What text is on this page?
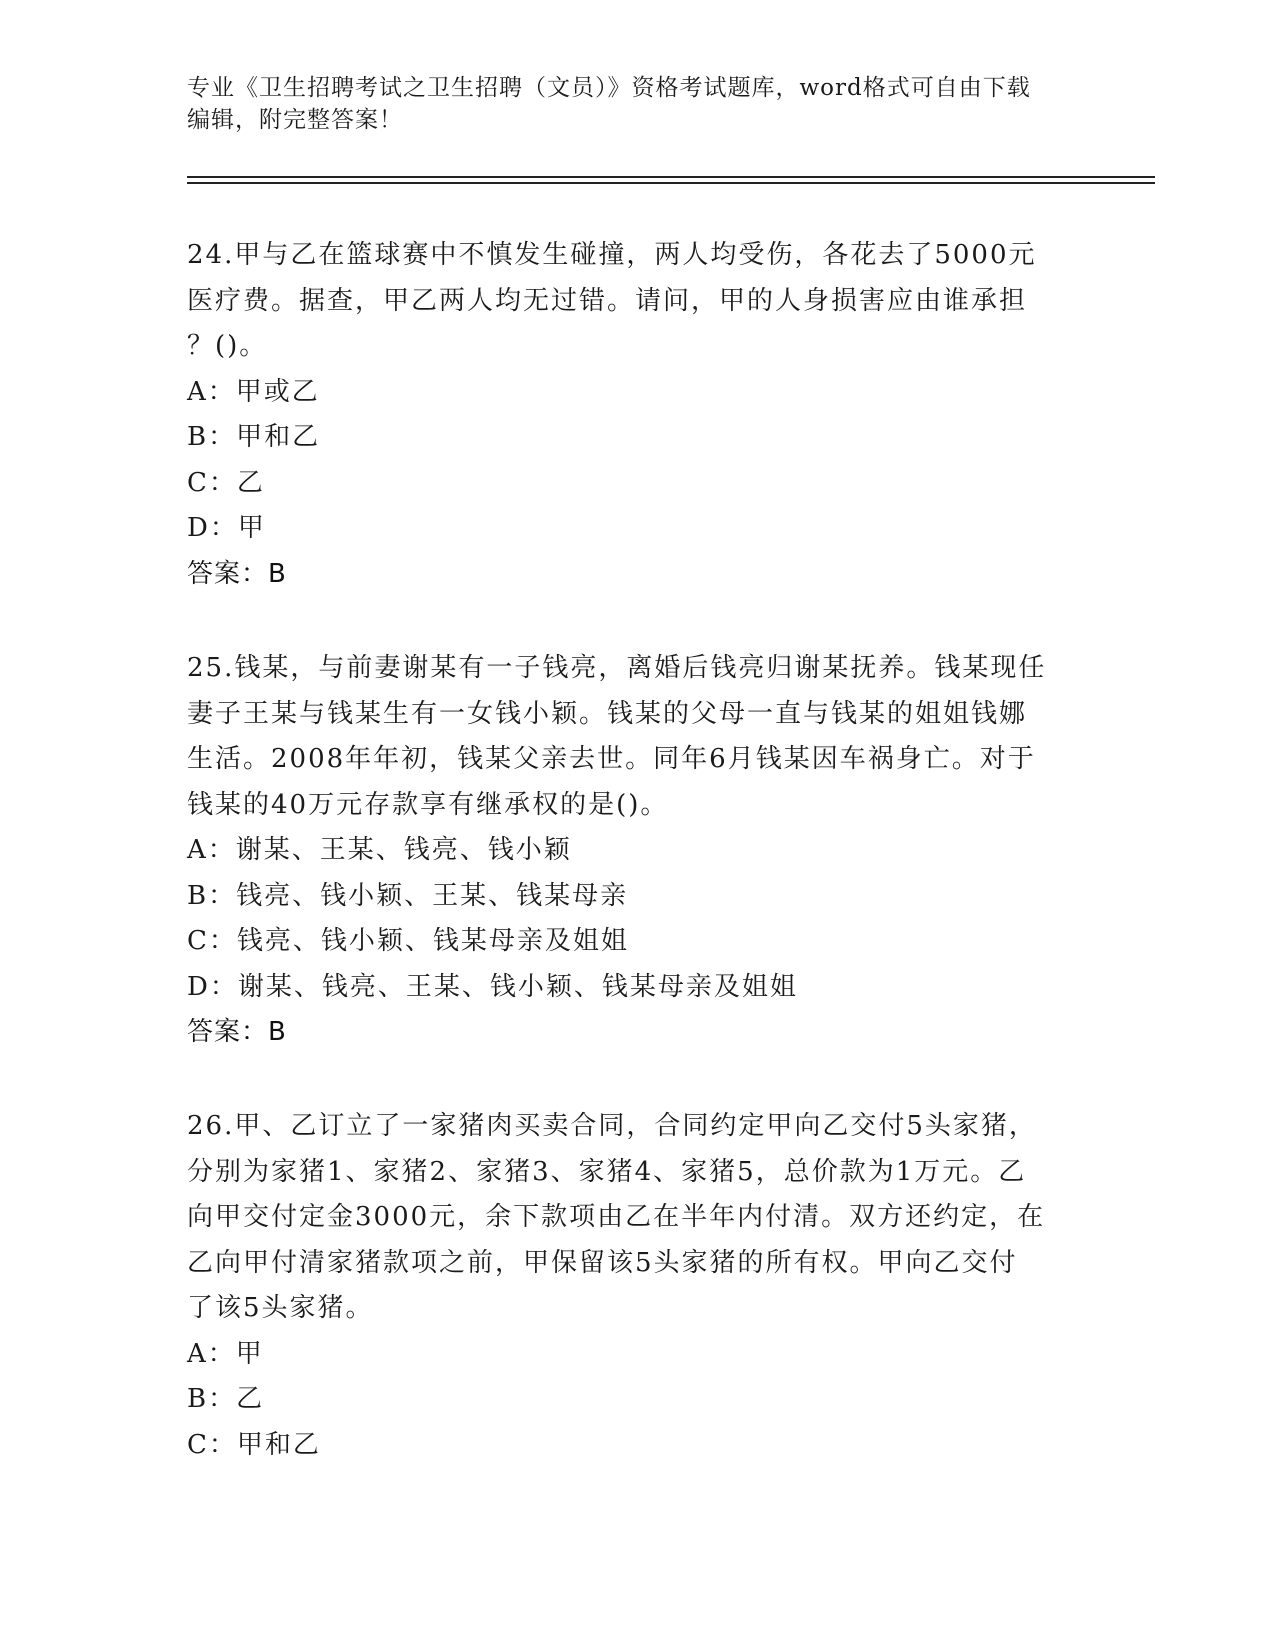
专业《卫生招聘考试之卫生招聘（文员）》资格考试题库，word格式可自由下载
编辑，附完整答案！

24.甲与乙在篮球赛中不慎发生碰撞，两人均受伤，各花去了5000元

医疗费。据查，甲乙两人均无过错。请问，甲的人身损害应由谁承担

？()。

A：甲或乙

B：甲和乙

C：乙

D：甲

答案：B

25.钱某，与前妻谢某有一子钱亮，离婚后钱亮归谢某抚养。钱某现任

妻子王某与钱某生有一女钱小颖。钱某的父母一直与钱某的姐姐钱娜

生活。2008年年初，钱某父亲去世。同年6月钱某因车祸身亡。对于

钱某的40万元存款享有继承权的是()。

A：谢某、王某、钱亮、钱小颖

B：钱亮、钱小颖、王某、钱某母亲

C：钱亮、钱小颖、钱某母亲及姐姐

D：谢某、钱亮、王某、钱小颖、钱某母亲及姐姐

答案：B

26.甲、乙订立了一家猪肉买卖合同，合同约定甲向乙交付5头家猪，

分别为家猪1、家猪2、家猪3、家猪4、家猪5，总价款为1万元。乙

向甲交付定金3000元，余下款项由乙在半年内付清。双方还约定，在

乙向甲付清家猪款项之前，甲保留该5头家猪的所有权。甲向乙交付

了该5头家猪。

A：甲

B：乙

C：甲和乙
